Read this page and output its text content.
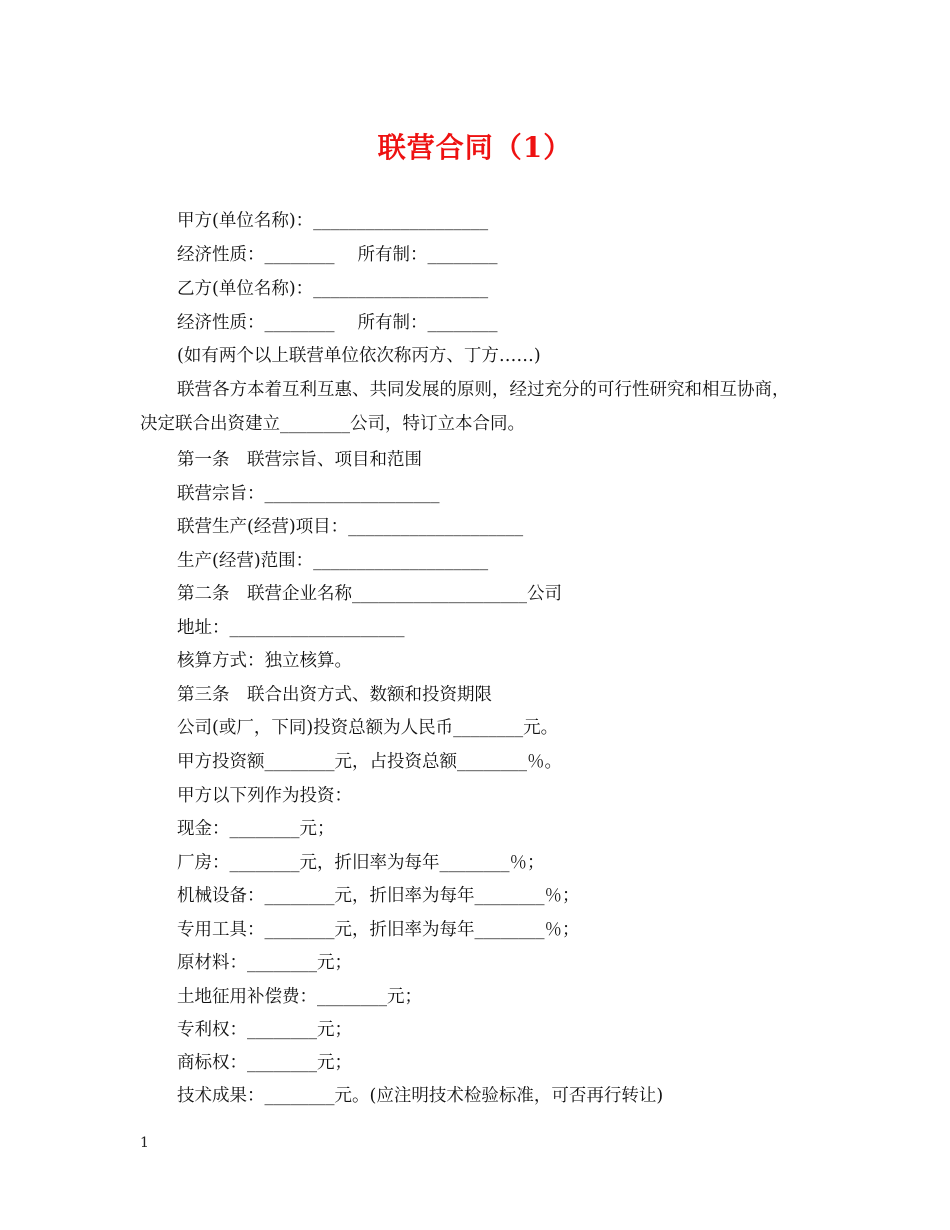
联营合同（1）
甲方(单位名称)：____________________
经济性质：________　 所有制：________
乙方(单位名称)：____________________
经济性质：________　 所有制：________
(如有两个以上联营单位依次称丙方、丁方……)
联营各方本着互利互惠、共同发展的原则，经过充分的可行性研究和相互协商，
决定联合出资建立________公司，特订立本合同。
第一条　联营宗旨、项目和范围
联营宗旨：____________________
联营生产(经营)项目：____________________
生产(经营)范围：____________________
第二条　联营企业名称____________________公司
地址：____________________
核算方式：独立核算。
第三条　联合出资方式、数额和投资期限
公司(或厂，下同)投资总额为人民币________元。
甲方投资额________元，占投资总额________％。
甲方以下列作为投资：
现金：________元；
厂房：________元，折旧率为每年________％；
机械设备：________元，折旧率为每年________％；
专用工具：________元，折旧率为每年________％；
原材料：________元；
土地征用补偿费：________元；
专利权：________元；
商标权：________元；
技术成果：________元。(应注明技术检验标准，可否再行转让)
1
